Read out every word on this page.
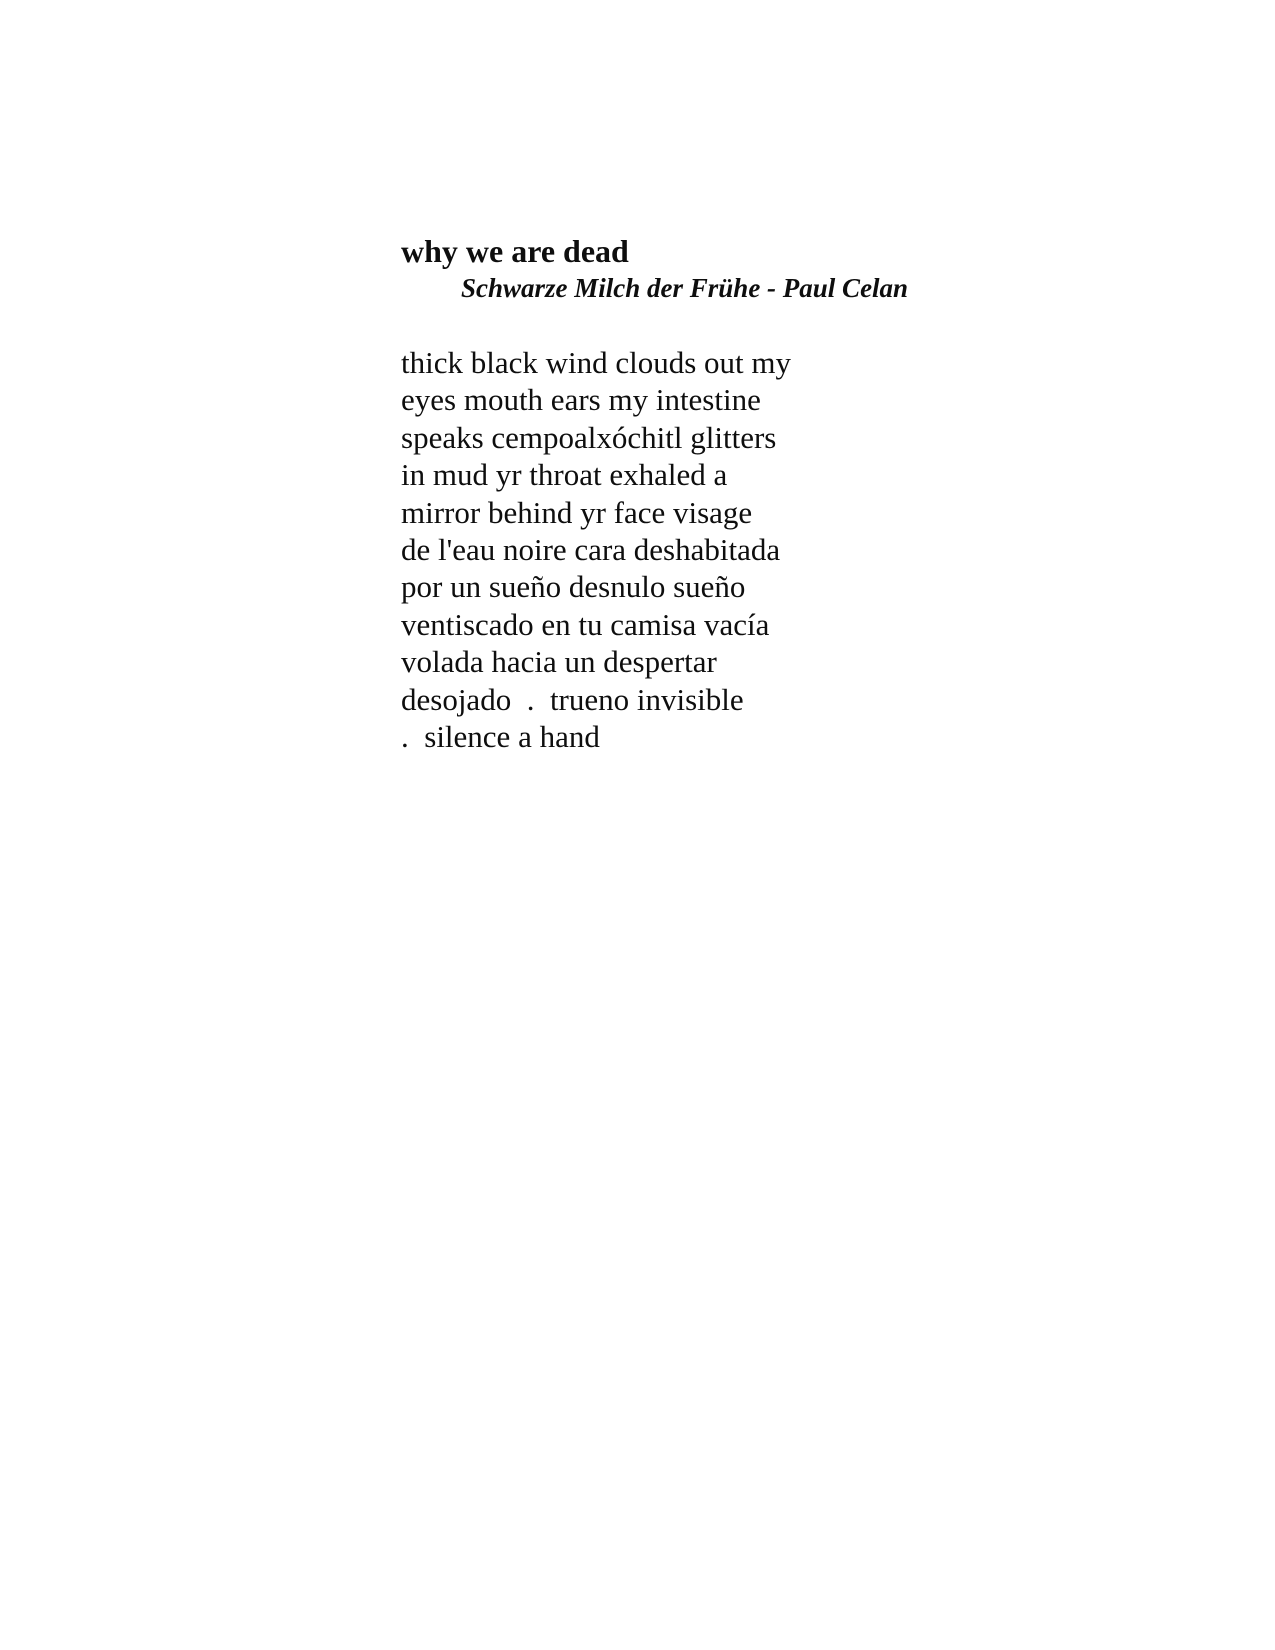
why we are dead
Schwarze Milch der Frühe - Paul Celan
thick black wind clouds out my
eyes mouth ears my intestine
speaks cempoalxóchitl glitters
in mud yr throat exhaled a
mirror behind yr face visage
de l'eau noire cara deshabitada
por un sueño desnulo sueño
ventiscado en tu camisa vacía
volada hacia un despertar
desojado  .  trueno invisible
.  silence a hand
